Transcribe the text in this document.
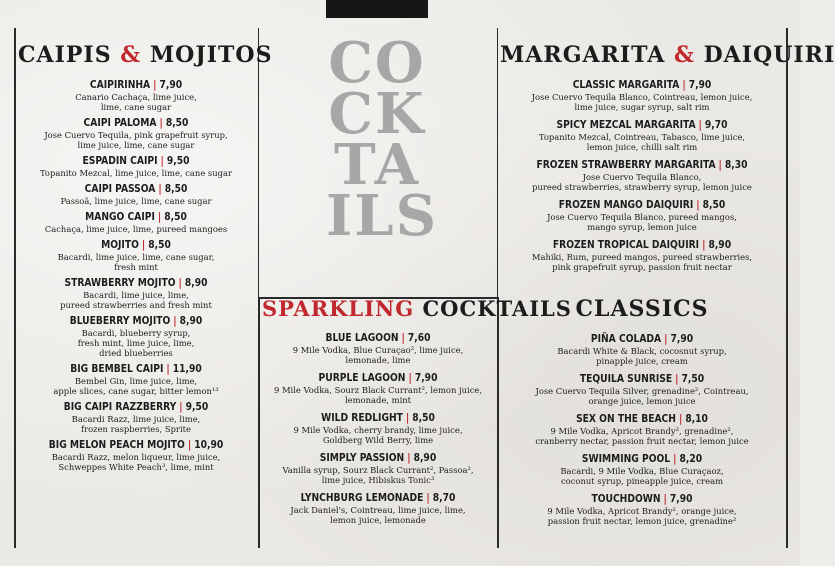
CO
CK
TA
ILS
CAIPIS & MOJITOS
CAIPIRINHA | 7,90
Canario Cachaça, lime juice,
lime, cane sugar
CAIPI PALOMA | 8,50
Jose Cuervo Tequila, pink grapefruit syrup,
lime juice, lime, cane sugar
ESPADIN CAIPI | 9,50
Topanito Mezcal, lime juice, lime, cane sugar
CAIPI PASSOA | 8,50
Passoã, lime juice, lime, cane sugar
MANGO CAIPI | 8,50
Cachaça, lime juice, lime, pureed mangoes
MOJITO | 8,50
Bacardi, lime juice, lime, cane sugar,
fresh mint
STRAWBERRY MOJITO | 8,90
Bacardi, lime juice, lime,
pureed strawberries and fresh mint
BLUEBERRY MOJITO | 8,90
Bacardi, blueberry syrup,
fresh mint, lime juice, lime,
dried blueberries
BIG BEMBEL CAIPI | 11,90
Bembel Gin, lime juice, lime,
apple slices, cane sugar, bitter lemon¹³
BIG CAIPI RAZZBERRY | 9,50
Bacardi Razz, lime juice, lime,
frozen raspberries, Sprite
BIG MELON PEACH MOJITO | 10,90
Bacardi Razz, melon liqueur, lime juice,
Schweppes White Peach³, lime, mint
MARGARITA & DAIQUIRI
CLASSIC MARGARITA | 7,90
Jose Cuervo Tequila Blanco, Cointreau, lemon juice,
lime juice, sugar syrup, salt rim
SPICY MEZCAL MARGARITA | 9,70
Topanito Mezcal, Cointreau, Tabasco, lime juice,
lemon juice, chilli salt rim
FROZEN STRAWBERRY MARGARITA | 8,30
Jose Cuervo Tequila Blanco,
pureed strawberries, strawberry syrup, lemon juice
FROZEN MANGO DAIQUIRI | 8,50
Jose Cuervo Tequila Blanco, pureed mangos,
mango syrup, lemon juice
FROZEN TROPICAL DAIQUIRI | 8,90
Mahiki, Rum, pureed mangos, pureed strawberries,
pink grapefruit syrup, passion fruit nectar
SPARKLING COCKTAILS
BLUE LAGOON | 7,60
9 Mile Vodka, Blue Curaçao², lime juice,
lemonade, lime
PURPLE LAGOON | 7,90
9 Mile Vodka, Sourz Black Currant², lemon juice,
lemonade, mint
WILD REDLIGHT | 8,50
9 Mile Vodka, cherry brandy, lime juice,
Goldberg Wild Berry, lime
SIMPLY PASSION | 8,90
Vanilla syrup, Sourz Black Currant², Passoa²,
lime juice, Hibiskus Tonic³
LYNCHBURG LEMONADE | 8,70
Jack Daniel's, Cointreau, lime juice, lime,
lemon juice, lemonade
CLASSICS
PIÑA COLADA | 7,90
Bacardi White & Black, cocosnut syrup,
pinapple juice, cream
TEQUILA SUNRISE | 7,50
Jose Cuervo Tequila Silver, grenadine², Cointreau,
orange juice, lemon juice
SEX ON THE BEACH | 8,10
9 Mile Vodka, Apricot Brandy², grenadine²,
cranberry nectar, passion fruit nectar, lemon juice
SWIMMING POOL | 8,20
Bacardi, 9 Mile Vodka, Blue Curaçaoz,
coconut syrup, pineapple juice, cream
TOUCHDOWN | 7,90
9 Mile Vodka, Apricot Brandy², orange juice,
passion fruit nectar, lemon juice, grenadine²
